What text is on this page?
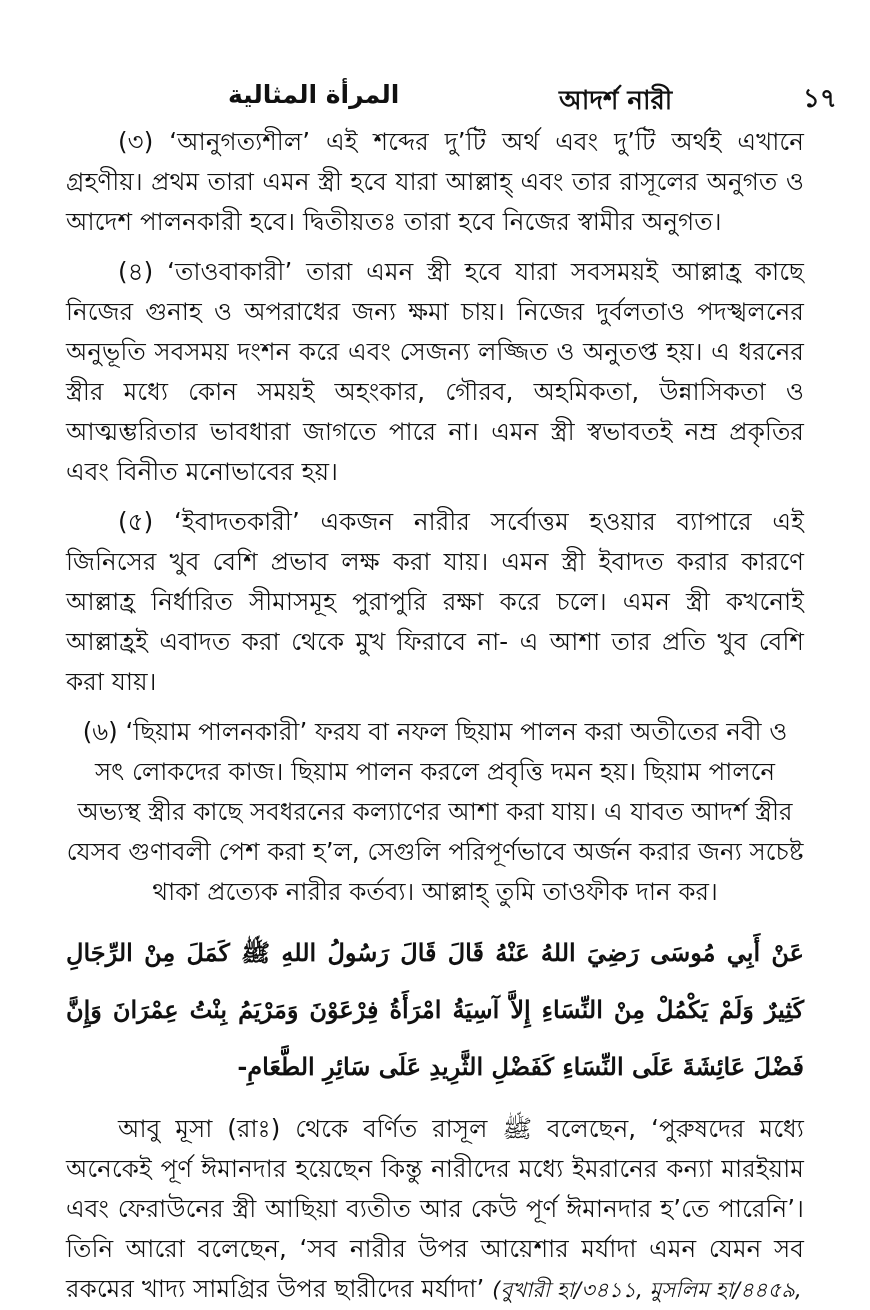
المرأة المثالية	আদর্শ নারী	১৭

(৩) ‘আনুগত্যশীল’ এই শব্দের দু’টি অর্থ এবং দু’টি অর্থই এখানে গ্রহণীয়। প্রথম তারা এমন স্ত্রী হবে যারা আল্লাহ্ এবং তার রাসূলের অনুগত ও আদেশ পালনকারী হবে। দ্বিতীয়তঃ তারা হবে নিজের স্বামীর অনুগত।

(৪) ‘তাওবাকারী’ তারা এমন স্ত্রী হবে যারা সবসময়ই আল্লাহ্র কাছে নিজের গুনাহ ও অপরাধের জন্য ক্ষমা চায়। নিজের দুর্বলতাও পদস্খলনের অনুভূতি সবসময় দংশন করে এবং সেজন্য লজ্জিত ও অনুতপ্ত হয়। এ ধরনের স্ত্রীর মধ্যে কোন সময়ই অহংকার, গৌরব, অহমিকতা, উন্নাসিকতা ও আত্মম্ভরিতার ভাবধারা জাগতে পারে না। এমন স্ত্রী স্বভাবতই নম্র প্রকৃতির এবং বিনীত মনোভাবের হয়।

(৫) ‘ইবাদতকারী’ একজন নারীর সর্বোত্তম হওয়ার ব্যাপারে এই জিনিসের খুব বেশি প্রভাব লক্ষ করা যায়। এমন স্ত্রী ইবাদত করার কারণে আল্লাহ্র নির্ধারিত সীমাসমূহ পুরাপুরি রক্ষা করে চলে। এমন স্ত্রী কখনোই আল্লাহ্রই এবাদত করা থেকে মুখ ফিরাবে না- এ আশা তার প্রতি খুব বেশি করা যায়।

(৬) ‘ছিয়াম পালনকারী’ ফরয বা নফল ছিয়াম পালন করা অতীতের নবী ও
সৎ লোকদের কাজ। ছিয়াম পালন করলে প্রবৃত্তি দমন হয়। ছিয়াম পালনে
অভ্যস্থ স্ত্রীর কাছে সবধরনের কল্যাণের আশা করা যায়। এ যাবত আদর্শ স্ত্রীর
যেসব গুণাবলী পেশ করা হ’ল, সেগুলি পরিপূর্ণভাবে অর্জন করার জন্য সচেষ্ট
থাকা প্রত্যেক নারীর কর্তব্য। আল্লাহ্ তুমি তাওফীক দান কর।

عَنْ أَبِي مُوسَى رَضِيَ اللهُ عَنْهُ قَالَ قَالَ رَسُولُ اللهِ ﷺ كَمَلَ مِنْ الرِّجَالِ كَثِيرٌ وَلَمْ يَكْمُلْ مِنْ النِّسَاءِ إِلاَّ آسِيَةُ امْرَأَةُ فِرْعَوْنَ وَمَرْيَمُ بِنْتُ عِمْرَانَ وَإِنَّ فَضْلَ عَائِشَةَ عَلَى النِّسَاءِ كَفَضْلِ الثَّرِيدِ عَلَى سَائِرِ الطَّعَامِ-

আবু মূসা (রাঃ) থেকে বর্ণিত রাসূল ﷺ বলেছেন, ‘পুরুষদের মধ্যে অনেকেই পূর্ণ ঈমানদার হয়েছেন কিন্তু নারীদের মধ্যে ইমরানের কন্যা মারইয়াম এবং ফেরাউনের স্ত্রী আছিয়া ব্যতীত আর কেউ পূর্ণ ঈমানদার হ’তে পারেনি’। তিনি আরো বলেছেন, ‘সব নারীর উপর আয়েশার মর্যাদা এমন যেমন সব রকমের খাদ্য সামগ্রির উপর ছারীদের মর্যাদা’ (বুখারী হা/৩৪১১, মুসলিম হা/৪৪৫৯,
